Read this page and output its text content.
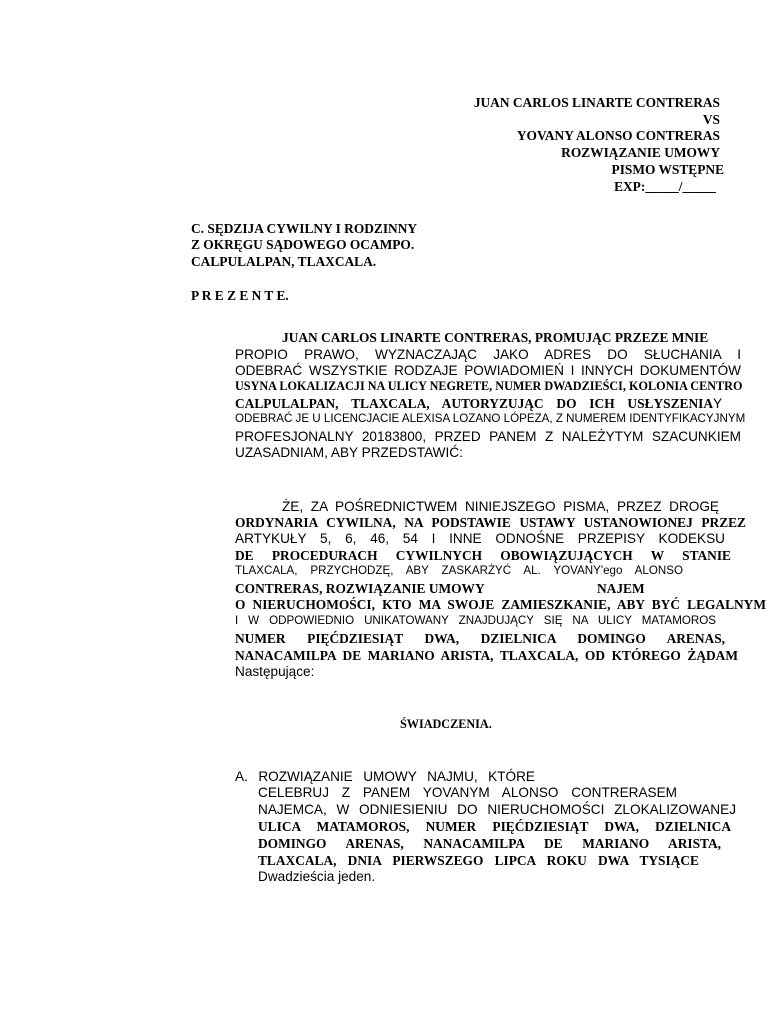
JUAN CARLOS LINARTE CONTRERAS
VS
YOVANY ALONSO CONTRERAS
ROZWIĄZANIE UMOWY
PISMO WSTĘPNE
EXP:_____/_____
C. SĘDZIJA CYWILNY I RODZINNY
Z OKRĘGU SĄDOWEGO OCAMPO.
CALPULALPAN, TLAXCALA.
P R E Z E N T E.
JUAN CARLOS LINARTE CONTRERAS, PROMUJĄC PRZEZE MNIE
PROPIO PRAWO, WYZNACZAJĄC JAKO ADRES DO SŁUCHANIA I
ODEBRAĆ WSZYSTKIE RODZAJE POWIADOMIEŃ I INNYCH DOKUMENTÓW
USYNA LOKALIZACJI NA ULICY NEGRETE, NUMER DWADZIEŚCI, KOLONIA CENTRO
CALPULALPAN, TLAXCALA, AUTORYZUJĄC DO ICH USŁYSZENIAY
ODEBRAĆ JE U LICENCJACIE ALEXISA LOZANO LÓPEZA, Z NUMEREM IDENTYFIKACYJNYM
PROFESJONALNY 20183800, PRZED PANEM Z NALEŻYTYM SZACUNKIEM
UZASADNIAM, ABY PRZEDSTAWIĆ:
ŻE, ZA POŚREDNICTWEM NINIEJSZEGO PISMA, PRZEZ DROGĘ
ORDYNARIA CYWILNA, NA PODSTAWIE USTAWY USTANOWIONEJ PRZEZ
ARTYKUŁY 5, 6, 46, 54 I INNE ODNOŚNE PRZEPISY KODEKSU
DE PROCEDURACH CYWILNYCH OBOWIĄZUJĄCYCH W STANIE
TLAXCALA, PRZYCHODZĘ, ABY ZASKARŻYĆ AL. YOVANY'ego ALONSO
CONTRERAS, ROZWIĄZANIE UMOWY	NAJEM
O NIERUCHOMOŚCI, KTO MA SWOJE ZAMIESZKANIE, ABY BYĆ LEGALNYM
I W ODPOWIEDNIO UNIKATOWANY ZNAJDUJĄCY SIĘ NA ULICY MATAMOROS
NUMER PIĘĆDZIESIĄT DWA, DZIELNICA DOMINGO ARENAS,
NANACAMILPA DE MARIANO ARISTA, TLAXCALA, OD KTÓREGO ŻĄDAM
Następujące:
ŚWIADCZENIA.
A. ROZWIĄZANIE UMOWY NAJMU, KTÓRE
CELEBRUJ Z PANEM YOVANYM ALONSO CONTRERASEM
NAJEMCA, W ODNIESIENIU DO NIERUCHOMOŚCI ZLOKALIZOWANEJ
ULICA MATAMOROS, NUMER PIĘĆDZIESIĄT DWA, DZIELNICA
DOMINGO ARENAS, NANACAMILPA DE MARIANO ARISTA,
TLAXCALA, DNIA PIERWSZEGO LIPCA ROKU DWA TYSIĄCE
Dwadzieścia jeden.
